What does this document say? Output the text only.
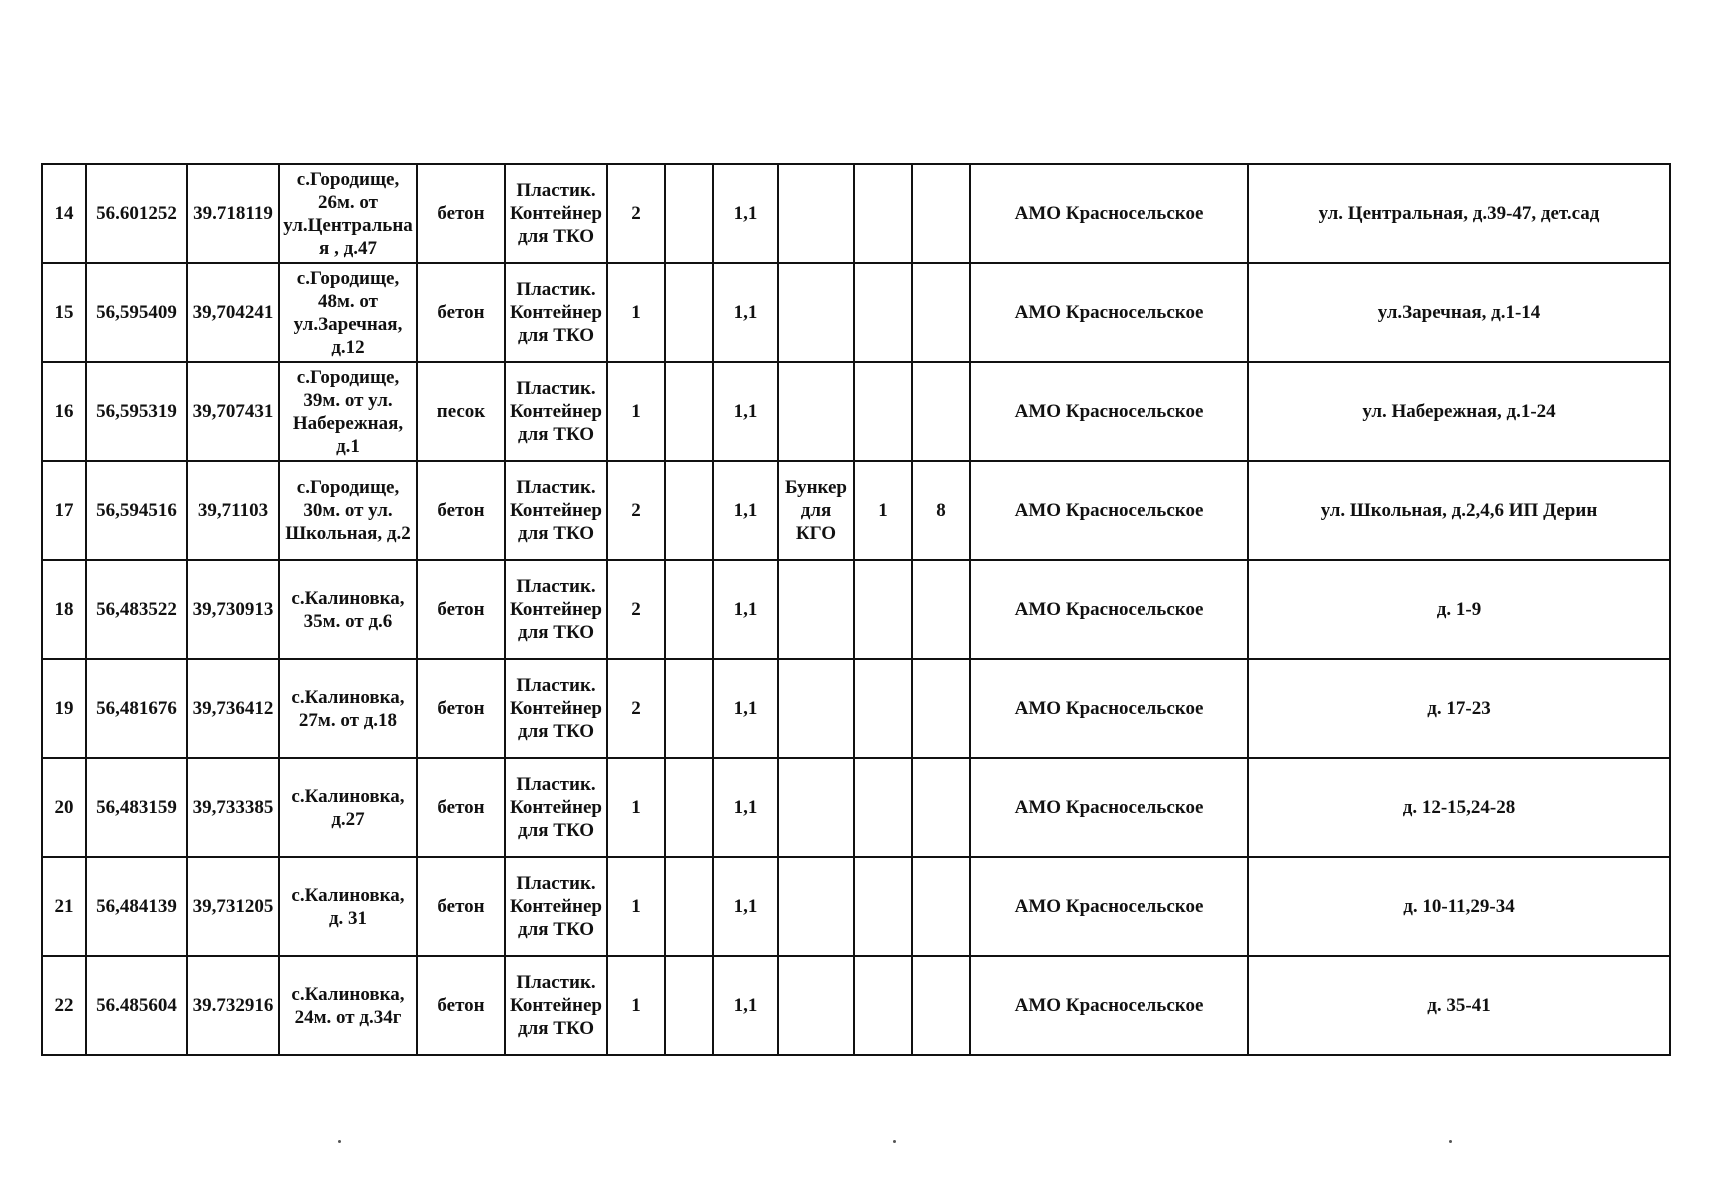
14	56.601252	39.718119	с.Городище, 26м. от ул.Центральная , д.47	бетон	Пластик. Контейнер для ТКО	2		1,1				АМО Красносельское	ул. Центральная, д.39-47, дет.сад
15	56,595409	39,704241	с.Городище, 48м. от ул.Заречная, д.12	бетон	Пластик. Контейнер для ТКО	1		1,1				АМО Красносельское	ул.Заречная, д.1-14
16	56,595319	39,707431	с.Городище, 39м. от ул. Набережная, д.1	песок	Пластик. Контейнер для ТКО	1		1,1				АМО Красносельское	ул. Набережная, д.1-24
17	56,594516	39,71103	с.Городище, 30м. от ул. Школьная, д.2	бетон	Пластик. Контейнер для ТКО	2		1,1	Бункер для КГО	1	8	АМО Красносельское	ул. Школьная, д.2,4,6 ИП Дерин
18	56,483522	39,730913	с.Калиновка, 35м. от д.6	бетон	Пластик. Контейнер для ТКО	2		1,1				АМО Красносельское	д. 1-9
19	56,481676	39,736412	с.Калиновка, 27м. от д.18	бетон	Пластик. Контейнер для ТКО	2		1,1				АМО Красносельское	д. 17-23
20	56,483159	39,733385	с.Калиновка, д.27	бетон	Пластик. Контейнер для ТКО	1		1,1				АМО Красносельское	д. 12-15,24-28
21	56,484139	39,731205	с.Калиновка, д. 31	бетон	Пластик. Контейнер для ТКО	1		1,1				АМО Красносельское	д. 10-11,29-34
22	56.485604	39.732916	с.Калиновка, 24м. от д.34г	бетон	Пластик. Контейнер для ТКО	1		1,1				АМО Красносельское	д. 35-41
